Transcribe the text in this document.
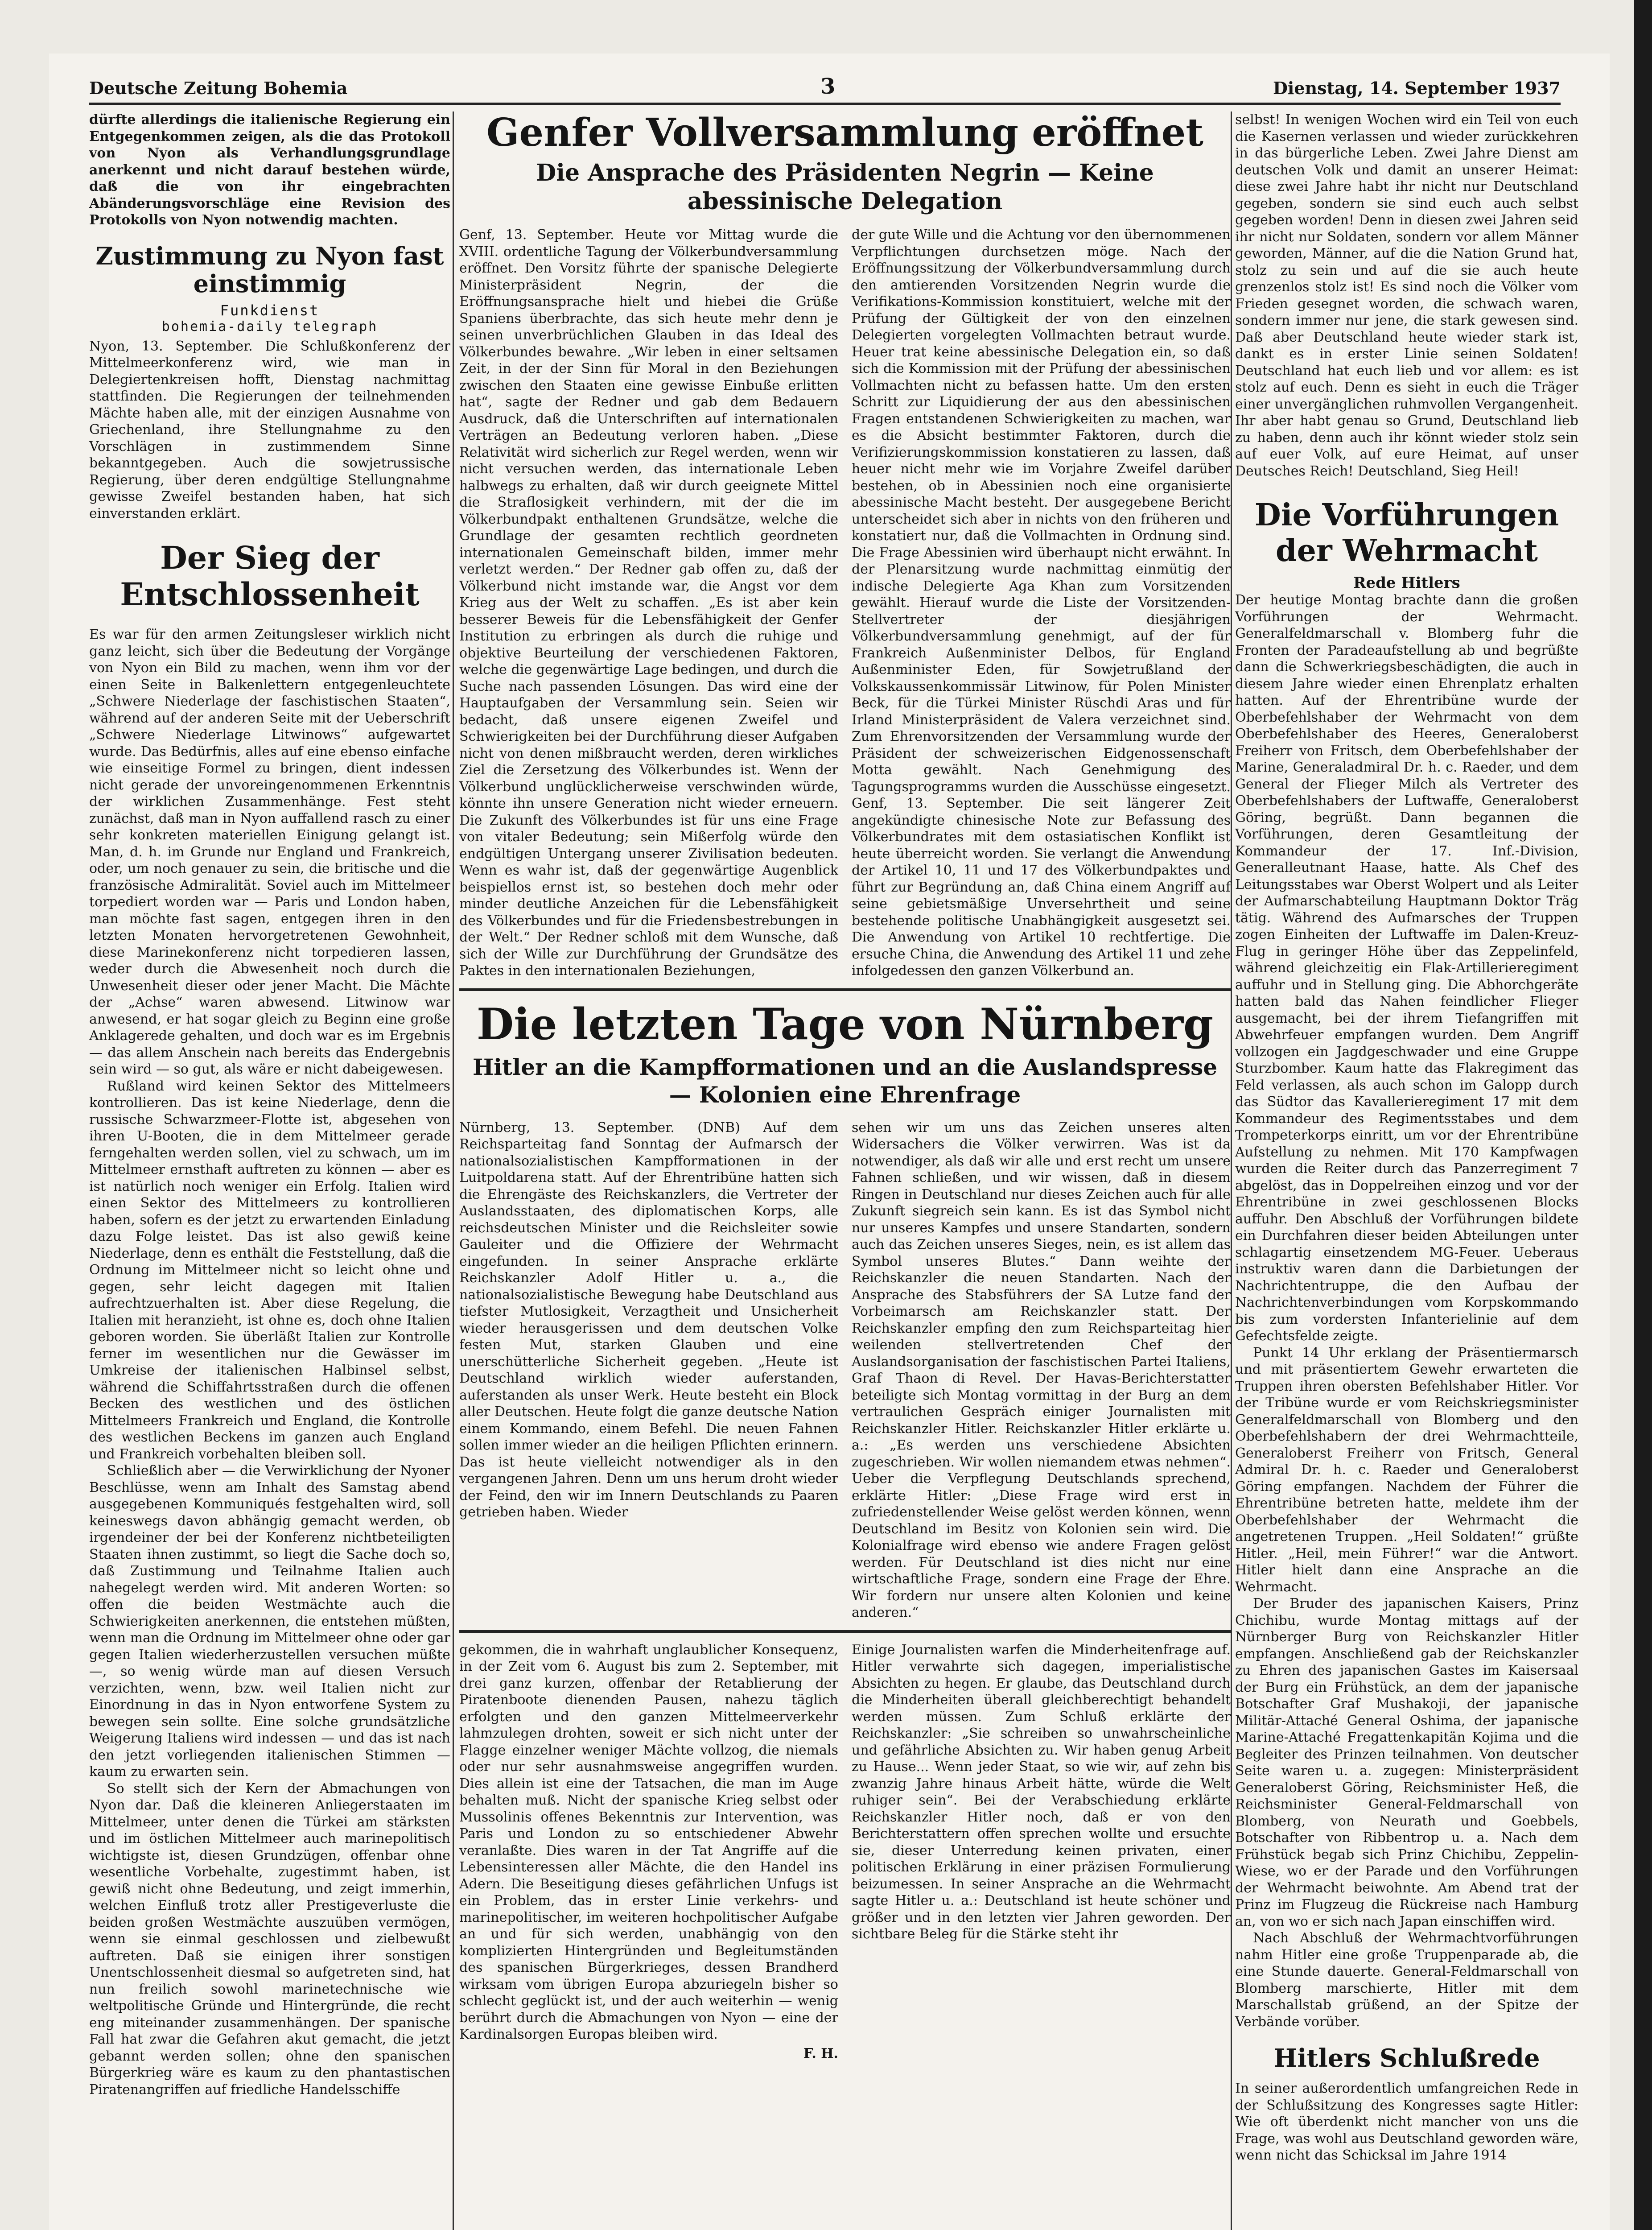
Deutsche Zeitung Bohemia	3	Dienstag, 14. September 1937

dürfte allerdings die italienische Regierung ein Entgegenkommen zeigen, als die das Protokoll von Nyon als Verhandlungsgrundlage anerkennt und nicht darauf bestehen würde, daß die von ihr eingebrachten Abänderungsvorschläge eine Revision des Protokolls von Nyon notwendig machten.

Zustimmung zu Nyon fast einstimmig
Funkdienst
bohemia-daily telegraph

Nyon, 13. September. Die Schlußkonferenz der Mittelmeerkonferenz wird, wie man in Delegiertenkreisen hofft, Dienstag nachmittag stattfinden. Die Regierungen der teilnehmenden Mächte haben alle, mit der einzigen Ausnahme von Griechenland, ihre Stellungnahme zu den Vorschlägen in zustimmendem Sinne bekanntgegeben. Auch die sowjetrussische Regierung, über deren endgültige Stellungnahme gewisse Zweifel bestanden haben, hat sich einverstanden erklärt.

Der Sieg der Entschlossenheit

Es war für den armen Zeitungsleser wirklich nicht ganz leicht, sich über die Bedeutung der Vorgänge von Nyon ein Bild zu machen, wenn ihm vor der einen Seite in Balkenlettern entgegenleuchtete „Schwere Niederlage der faschistischen Staaten“, während auf der anderen Seite mit der Ueberschrift „Schwere Niederlage Litwinows“ aufgewartet wurde. Das Bedürfnis, alles auf eine ebenso einfache wie einseitige Formel zu bringen, dient indessen nicht gerade der unvoreingenommenen Erkenntnis der wirklichen Zusammenhänge. Fest steht zunächst, daß man in Nyon auffallend rasch zu einer sehr konkreten materiellen Einigung gelangt ist. Man, d. h. im Grunde nur England und Frankreich, oder, um noch genauer zu sein, die britische und die französische Admiralität. Soviel auch im Mittelmeer torpediert worden war — Paris und London haben, man möchte fast sagen, entgegen ihren in den letzten Monaten hervorgetretenen Gewohnheit, diese Marinekonferenz nicht torpedieren lassen, weder durch die Abwesenheit noch durch die Unwesenheit dieser oder jener Macht. Die Mächte der „Achse“ waren abwesend. Litwinow war anwesend, er hat sogar gleich zu Beginn eine große Anklagerede gehalten, und doch war es im Ergebnis — das allem Anschein nach bereits das Endergebnis sein wird — so gut, als wäre er nicht dabeigewesen.

Rußland wird keinen Sektor des Mittelmeers kontrollieren. Das ist keine Niederlage, denn die russische Schwarzmeer-Flotte ist, abgesehen von ihren U-Booten, die in dem Mittelmeer gerade ferngehalten werden sollen, viel zu schwach, um im Mittelmeer ernsthaft auftreten zu können — aber es ist natürlich noch weniger ein Erfolg. Italien wird einen Sektor des Mittelmeers zu kontrollieren haben, sofern es der jetzt zu erwartenden Einladung dazu Folge leistet. Das ist also gewiß keine Niederlage, denn es enthält die Feststellung, daß die Ordnung im Mittelmeer nicht so leicht ohne und gegen, sehr leicht dagegen mit Italien aufrechtzuerhalten ist. Aber diese Regelung, die Italien mit heranzieht, ist ohne es, doch ohne Italien geboren worden. Sie überläßt Italien zur Kontrolle ferner im wesentlichen nur die Gewässer im Umkreise der italienischen Halbinsel selbst, während die Schiffahrtsstraßen durch die offenen Becken des westlichen und des östlichen Mittelmeers Frankreich und England, die Kontrolle des westlichen Beckens im ganzen auch England und Frankreich vorbehalten bleiben soll.

Schließlich aber — die Verwirklichung der Nyoner Beschlüsse, wenn am Inhalt des Samstag abend ausgegebenen Kommuniqués festgehalten wird, soll keineswegs davon abhängig gemacht werden, ob irgendeiner der bei der Konferenz nichtbeteiligten Staaten ihnen zustimmt, so liegt die Sache doch so, daß Zustimmung und Teilnahme Italien auch nahegelegt werden wird. Mit anderen Worten: so offen die beiden Westmächte auch die Schwierigkeiten anerkennen, die entstehen müßten, wenn man die Ordnung im Mittelmeer ohne oder gar gegen Italien wiederherzustellen versuchen müßte —, so wenig würde man auf diesen Versuch verzichten, wenn, bzw. weil Italien nicht zur Einordnung in das in Nyon entworfene System zu bewegen sein sollte. Eine solche grundsätzliche Weigerung Italiens wird indessen — und das ist nach den jetzt vorliegenden italienischen Stimmen — kaum zu erwarten sein.

So stellt sich der Kern der Abmachungen von Nyon dar. Daß die kleineren Anliegerstaaten im Mittelmeer, unter denen die Türkei am stärksten und im östlichen Mittelmeer auch marinepolitisch wichtigste ist, diesen Grundzügen, offenbar ohne wesentliche Vorbehalte, zugestimmt haben, ist gewiß nicht ohne Bedeutung, und zeigt immerhin, welchen Einfluß trotz aller Prestigeverluste die beiden großen Westmächte auszuüben vermögen, wenn sie einmal geschlossen und zielbewußt auftreten. Daß sie einigen ihrer sonstigen Unentschlossenheit diesmal so aufgetreten sind, hat nun freilich sowohl marinetechnische wie weltpolitische Gründe und Hintergründe, die recht eng miteinander zusammenhängen. Der spanische Fall hat zwar die Gefahren akut gemacht, die jetzt gebannt werden sollen; ohne den spanischen Bürgerkrieg wäre es kaum zu den phantastischen Piratenangriffen auf friedliche Handelsschiffe

Genfer Vollversammlung eröffnet
Die Ansprache des Präsidenten Negrin — Keine abessinische Delegation

Genf, 13. September. Heute vor Mittag wurde die XVIII. ordentliche Tagung der Völkerbundversammlung eröffnet. Den Vorsitz führte der spanische Delegierte Ministerpräsident Negrin, der die Eröffnungsansprache hielt und hiebei die Grüße Spaniens überbrachte, das sich heute mehr denn je seinen unverbrüchlichen Glauben in das Ideal des Völkerbundes bewahre. „Wir leben in einer seltsamen Zeit, in der der Sinn für Moral in den Beziehungen zwischen den Staaten eine gewisse Einbuße erlitten hat“, sagte der Redner und gab dem Bedauern Ausdruck, daß die Unterschriften auf internationalen Verträgen an Bedeutung verloren haben. „Diese Relativität wird sicherlich zur Regel werden, wenn wir nicht versuchen werden, das internationale Leben halbwegs zu erhalten, daß wir durch geeignete Mittel die Straflosigkeit verhindern, mit der die im Völkerbundpakt enthaltenen Grundsätze, welche die Grundlage der gesamten rechtlich geordneten internationalen Gemeinschaft bilden, immer mehr verletzt werden.“ Der Redner gab offen zu, daß der Völkerbund nicht imstande war, die Angst vor dem Krieg aus der Welt zu schaffen. „Es ist aber kein besserer Beweis für die Lebensfähigkeit der Genfer Institution zu erbringen als durch die ruhige und objektive Beurteilung der verschiedenen Faktoren, welche die gegenwärtige Lage bedingen, und durch die Suche nach passenden Lösungen. Das wird eine der Hauptaufgaben der Versammlung sein. Seien wir bedacht, daß unsere eigenen Zweifel und Schwierigkeiten bei der Durchführung dieser Aufgaben nicht von denen mißbraucht werden, deren wirkliches Ziel die Zersetzung des Völkerbundes ist. Wenn der Völkerbund unglücklicherweise verschwinden würde, könnte ihn unsere Generation nicht wieder erneuern. Die Zukunft des Völkerbundes ist für uns eine Frage von vitaler Bedeutung; sein Mißerfolg würde den endgültigen Untergang unserer Zivilisation bedeuten. Wenn es wahr ist, daß der gegenwärtige Augenblick beispiellos ernst ist, so bestehen doch mehr oder minder deutliche Anzeichen für die Lebensfähigkeit des Völkerbundes und für die Friedensbestrebungen in der Welt.“ Der Redner schloß mit dem Wunsche, daß sich der Wille zur Durchführung der Grundsätze des Paktes in den internationalen Beziehungen,

der gute Wille und die Achtung vor den übernommenen Verpflichtungen durchsetzen möge. Nach der Eröffnungssitzung der Völkerbundversammlung durch den amtierenden Vorsitzenden Negrin wurde die Verifikations-Kommission konstituiert, welche mit der Prüfung der Gültigkeit der von den einzelnen Delegierten vorgelegten Vollmachten betraut wurde. Heuer trat keine abessinische Delegation ein, so daß sich die Kommission mit der Prüfung der abessinischen Vollmachten nicht zu befassen hatte. Um den ersten Schritt zur Liquidierung der aus den abessinischen Fragen entstandenen Schwierigkeiten zu machen, war es die Absicht bestimmter Faktoren, durch die Verifizierungskommission konstatieren zu lassen, daß heuer nicht mehr wie im Vorjahre Zweifel darüber bestehen, ob in Abessinien noch eine organisierte abessinische Macht besteht. Der ausgegebene Bericht unterscheidet sich aber in nichts von den früheren und konstatiert nur, daß die Vollmachten in Ordnung sind. Die Frage Abessinien wird überhaupt nicht erwähnt. In der Plenarsitzung wurde nachmittag einmütig der indische Delegierte Aga Khan zum Vorsitzenden gewählt. Hierauf wurde die Liste der Vorsitzenden-Stellvertreter der diesjährigen Völkerbundversammlung genehmigt, auf der für Frankreich Außenminister Delbos, für England Außenminister Eden, für Sowjetrußland der Volkskaussenkommissär Litwinow, für Polen Minister Beck, für die Türkei Minister Rüschdi Aras und für Irland Ministerpräsident de Valera verzeichnet sind. Zum Ehrenvorsitzenden der Versammlung wurde der Präsident der schweizerischen Eidgenossenschaft Motta gewählt. Nach Genehmigung des Tagungsprogramms wurden die Ausschüsse eingesetzt. Genf, 13. September. Die seit längerer Zeit angekündigte chinesische Note zur Befassung des Völkerbundrates mit dem ostasiatischen Konflikt ist heute überreicht worden. Sie verlangt die Anwendung der Artikel 10, 11 und 17 des Völkerbundpaktes und führt zur Begründung an, daß China einem Angriff auf seine gebietsmäßige Unversehrtheit und seine bestehende politische Unabhängigkeit ausgesetzt sei. Die Anwendung von Artikel 10 rechtfertige. Die ersuche China, die Anwendung des Artikel 11 und zehe infolgedessen den ganzen Völkerbund an.

Die letzten Tage von Nürnberg
Hitler an die Kampfformationen und an die Auslandspresse — Kolonien eine Ehrenfrage

Nürnberg, 13. September. (DNB) Auf dem Reichsparteitag fand Sonntag der Aufmarsch der nationalsozialistischen Kampfformationen in der Luitpoldarena statt. Auf der Ehrentribüne hatten sich die Ehrengäste des Reichskanzlers, die Vertreter der Auslandsstaaten, des diplomatischen Korps, alle reichsdeutschen Minister und die Reichsleiter sowie Gauleiter und die Offiziere der Wehrmacht eingefunden. In seiner Ansprache erklärte Reichskanzler Adolf Hitler u. a., die nationalsozialistische Bewegung habe Deutschland aus tiefster Mutlosigkeit, Verzagtheit und Unsicherheit wieder herausgerissen und dem deutschen Volke festen Mut, starken Glauben und eine unerschütterliche Sicherheit gegeben. „Heute ist Deutschland wirklich wieder auferstanden, auferstanden als unser Werk. Heute besteht ein Block aller Deutschen. Heute folgt die ganze deutsche Nation einem Kommando, einem Befehl. Die neuen Fahnen sollen immer wieder an die heiligen Pflichten erinnern. Das ist heute vielleicht notwendiger als in den vergangenen Jahren. Denn um uns herum droht wieder der Feind, den wir im Innern Deutschlands zu Paaren getrieben haben. Wieder

sehen wir um uns das Zeichen unseres alten Widersachers die Völker verwirren. Was ist da notwendiger, als daß wir alle und erst recht um unsere Fahnen schließen, und wir wissen, daß in diesem Ringen in Deutschland nur dieses Zeichen auch für alle Zukunft siegreich sein kann. Es ist das Symbol nicht nur unseres Kampfes und unsere Standarten, sondern auch das Zeichen unseres Sieges, nein, es ist allem das Symbol unseres Blutes.“ Dann weihte der Reichskanzler die neuen Standarten. Nach der Ansprache des Stabsführers der SA Lutze fand der Vorbeimarsch am Reichskanzler statt. Der Reichskanzler empfing den zum Reichsparteitag hier weilenden stellvertretenden Chef der Auslandsorganisation der faschistischen Partei Italiens, Graf Thaon di Revel. Der Havas-Berichterstatter beteiligte sich Montag vormittag in der Burg an dem vertraulichen Gespräch einiger Journalisten mit Reichskanzler Hitler. Reichskanzler Hitler erklärte u. a.: „Es werden uns verschiedene Absichten zugeschrieben. Wir wollen niemandem etwas nehmen“. Ueber die Verpflegung Deutschlands sprechend, erklärte Hitler: „Diese Frage wird erst in zufriedenstellender Weise gelöst werden können, wenn Deutschland im Besitz von Kolonien sein wird. Die Kolonialfrage wird ebenso wie andere Fragen gelöst werden. Für Deutschland ist dies nicht nur eine wirtschaftliche Frage, sondern eine Frage der Ehre. Wir fordern nur unsere alten Kolonien und keine anderen.“

gekommen, die in wahrhaft unglaublicher Konsequenz, in der Zeit vom 6. August bis zum 2. September, mit drei ganz kurzen, offenbar der Retablierung der Piratenboote dienenden Pausen, nahezu täglich erfolgten und den ganzen Mittelmeerverkehr lahmzulegen drohten, soweit er sich nicht unter der Flagge einzelner weniger Mächte vollzog, die niemals oder nur sehr ausnahmsweise angegriffen wurden. Dies allein ist eine der Tatsachen, die man im Auge behalten muß. Nicht der spanische Krieg selbst oder Mussolinis offenes Bekenntnis zur Intervention, was Paris und London zu so entschiedener Abwehr veranlaßte. Dies waren in der Tat Angriffe auf die Lebensinteressen aller Mächte, die den Handel ins Adern. Die Beseitigung dieses gefährlichen Unfugs ist ein Problem, das in erster Linie verkehrs- und marinepolitischer, im weiteren hochpolitischer Aufgabe an und für sich werden, unabhängig von den komplizierten Hintergründen und Begleitumständen des spanischen Bürgerkrieges, dessen Brandherd wirksam vom übrigen Europa abzuriegeln bisher so schlecht geglückt ist, und der auch weiterhin — wenig berührt durch die Abmachungen von Nyon — eine der Kardinalsorgen Europas bleiben wird.

F. H.

Einige Journalisten warfen die Minderheitenfrage auf. Hitler verwahrte sich dagegen, imperialistische Absichten zu hegen. Er glaube, das Deutschland durch die Minderheiten überall gleichberechtigt behandelt werden müssen. Zum Schluß erklärte der Reichskanzler: „Sie schreiben so unwahrscheinliche und gefährliche Absichten zu. Wir haben genug Arbeit zu Hause... Wenn jeder Staat, so wie wir, auf zehn bis zwanzig Jahre hinaus Arbeit hätte, würde die Welt ruhiger sein“. Bei der Verabschiedung erklärte Reichskanzler Hitler noch, daß er von den Berichterstattern offen sprechen wollte und ersuchte sie, dieser Unterredung keinen privaten, einer politischen Erklärung in einer präzisen Formulierung beizumessen. In seiner Ansprache an die Wehrmacht sagte Hitler u. a.: Deutschland ist heute schöner und größer und in den letzten vier Jahren geworden. Der sichtbare Beleg für die Stärke steht ihr

selbst! In wenigen Wochen wird ein Teil von euch die Kasernen verlassen und wieder zurückkehren in das bürgerliche Leben. Zwei Jahre Dienst am deutschen Volk und damit an unserer Heimat: diese zwei Jahre habt ihr nicht nur Deutschland gegeben, sondern sie sind euch auch selbst gegeben worden! Denn in diesen zwei Jahren seid ihr nicht nur Soldaten, sondern vor allem Männer geworden, Männer, auf die die Nation Grund hat, stolz zu sein und auf die sie auch heute grenzenlos stolz ist! Es sind noch die Völker vom Frieden gesegnet worden, die schwach waren, sondern immer nur jene, die stark gewesen sind. Daß aber Deutschland heute wieder stark ist, dankt es in erster Linie seinen Soldaten! Deutschland hat euch lieb und vor allem: es ist stolz auf euch. Denn es sieht in euch die Träger einer unvergänglichen ruhmvollen Vergangenheit. Ihr aber habt genau so Grund, Deutschland lieb zu haben, denn auch ihr könnt wieder stolz sein auf euer Volk, auf eure Heimat, auf unser Deutsches Reich! Deutschland, Sieg Heil!

Die Vorführungen der Wehrmacht
Rede Hitlers

Der heutige Montag brachte dann die großen Vorführungen der Wehrmacht. Generalfeldmarschall v. Blomberg fuhr die Fronten der Paradeaufstellung ab und begrüßte dann die Schwerkriegsbeschädigten, die auch in diesem Jahre wieder einen Ehrenplatz erhalten hatten. Auf der Ehrentribüne wurde der Oberbefehlshaber der Wehrmacht von dem Oberbefehlshaber des Heeres, Generaloberst Freiherr von Fritsch, dem Oberbefehlshaber der Marine, Generaladmiral Dr. h. c. Raeder, und dem General der Flieger Milch als Vertreter des Oberbefehlshabers der Luftwaffe, Generaloberst Göring, begrüßt. Dann begannen die Vorführungen, deren Gesamtleitung der Kommandeur der 17. Inf.-Division, Generalleutnant Haase, hatte. Als Chef des Leitungsstabes war Oberst Wolpert und als Leiter der Aufmarschabteilung Hauptmann Doktor Träg tätig. Während des Aufmarsches der Truppen zogen Einheiten der Luftwaffe im Dalen-Kreuz-Flug in geringer Höhe über das Zeppelinfeld, während gleichzeitig ein Flak-Artillerieregiment auffuhr und in Stellung ging. Die Abhorchgeräte hatten bald das Nahen feindlicher Flieger ausgemacht, bei der ihrem Tiefangriffen mit Abwehrfeuer empfangen wurden. Dem Angriff vollzogen ein Jagdgeschwader und eine Gruppe Sturzbomber. Kaum hatte das Flakregiment das Feld verlassen, als auch schon im Galopp durch das Südtor das Kavallerieregiment 17 mit dem Kommandeur des Regimentsstabes und dem Trompeterkorps einritt, um vor der Ehrentribüne Aufstellung zu nehmen. Mit 170 Kampfwagen wurden die Reiter durch das Panzerregiment 7 abgelöst, das in Doppelreihen einzog und vor der Ehrentribüne in zwei geschlossenen Blocks auffuhr. Den Abschluß der Vorführungen bildete ein Durchfahren dieser beiden Abteilungen unter schlagartig einsetzendem MG-Feuer. Ueberaus instruktiv waren dann die Darbietungen der Nachrichtentruppe, die den Aufbau der Nachrichtenverbindungen vom Korpskommando bis zum vordersten Infanterielinie auf dem Gefechtsfelde zeigte.

Punkt 14 Uhr erklang der Präsentiermarsch und mit präsentiertem Gewehr erwarteten die Truppen ihren obersten Befehlshaber Hitler. Vor der Tribüne wurde er vom Reichskriegsminister Generalfeldmarschall von Blomberg und den Oberbefehlshabern der drei Wehrmachtteile, Generaloberst Freiherr von Fritsch, General Admiral Dr. h. c. Raeder und Generaloberst Göring empfangen. Nachdem der Führer die Ehrentribüne betreten hatte, meldete ihm der Oberbefehlshaber der Wehrmacht die angetretenen Truppen. „Heil Soldaten!“ grüßte Hitler. „Heil, mein Führer!“ war die Antwort. Hitler hielt dann eine Ansprache an die Wehrmacht.

Der Bruder des japanischen Kaisers, Prinz Chichibu, wurde Montag mittags auf der Nürnberger Burg von Reichskanzler Hitler empfangen. Anschließend gab der Reichskanzler zu Ehren des japanischen Gastes im Kaisersaal der Burg ein Frühstück, an dem der japanische Botschafter Graf Mushakoji, der japanische Militär-Attaché General Oshima, der japanische Marine-Attaché Fregattenkapitän Kojima und die Begleiter des Prinzen teilnahmen. Von deutscher Seite waren u. a. zugegen: Ministerpräsident Generaloberst Göring, Reichsminister Heß, die Reichsminister General-Feldmarschall von Blomberg, von Neurath und Goebbels, Botschafter von Ribbentrop u. a. Nach dem Frühstück begab sich Prinz Chichibu, Zeppelin-Wiese, wo er der Parade und den Vorführungen der Wehrmacht beiwohnte. Am Abend trat der Prinz im Flugzeug die Rückreise nach Hamburg an, von wo er sich nach Japan einschiffen wird.

Nach Abschluß der Wehrmachtvorführungen nahm Hitler eine große Truppenparade ab, die eine Stunde dauerte. General-Feldmarschall von Blomberg marschierte, Hitler mit dem Marschallstab grüßend, an der Spitze der Verbände vorüber.

Hitlers Schlußrede

In seiner außerordentlich umfangreichen Rede in der Schlußsitzung des Kongresses sagte Hitler: Wie oft überdenkt nicht mancher von uns die Frage, was wohl aus Deutschland geworden wäre, wenn nicht das Schicksal im Jahre 1914
